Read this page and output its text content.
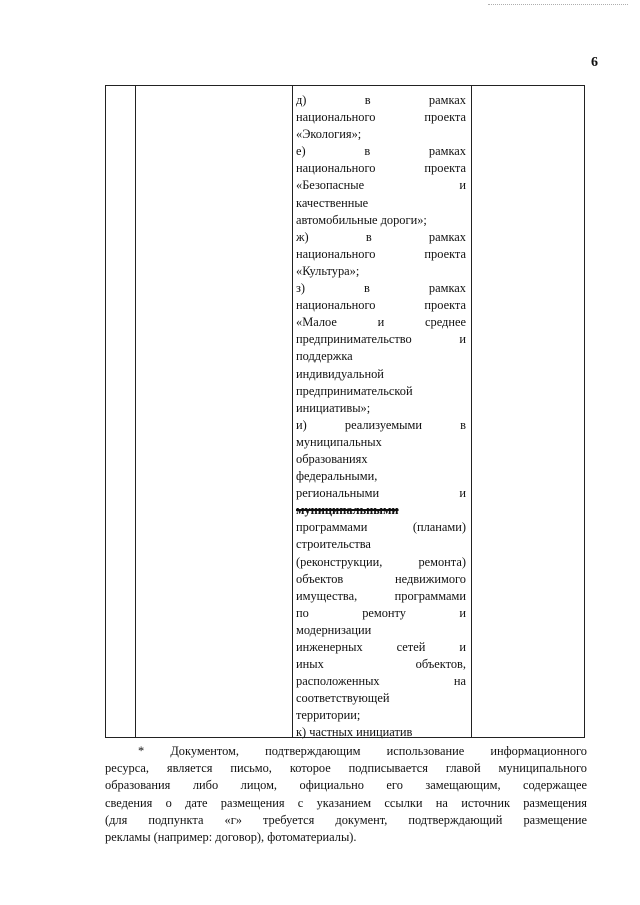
6
д) в рамках
национального проекта
«Экология»;
е) в рамках
национального проекта
«Безопасные и
качественные
автомобильные дороги»;
ж) в рамках
национального проекта
«Культура»;
з) в рамках
национального проекта
«Малое и среднее
предпринимательство и
поддержка
индивидуальной
предпринимательской
инициативы»;
и) реализуемыми в
муниципальных
образованиях
федеральными,
региональными и
муниципальными
программами (планами)
строительства
(реконструкции, ремонта)
объектов недвижимого
имущества, программами
по ремонту и
модернизации
инженерных сетей и
иных объектов,
расположенных на
соответствующей
территории;
к) частных инициатив
* Документом, подтверждающим использование информационного
ресурса, является письмо, которое подписывается главой муниципального
образования либо лицом, официально его замещающим, содержащее
сведения о дате размещения с указанием ссылки на источник размещения
(для подпункта «г» требуется документ, подтверждающий размещение
рекламы (например: договор), фотоматериалы).
